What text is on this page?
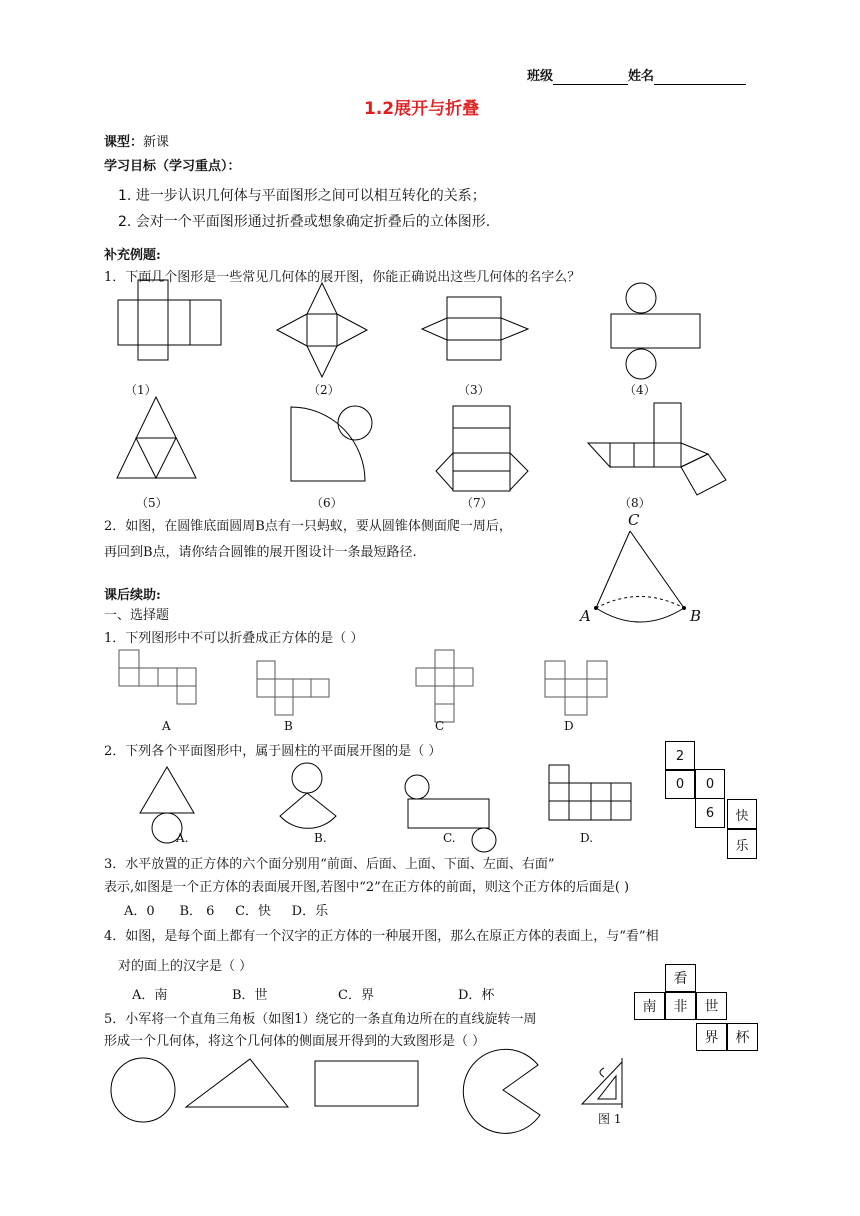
班级	姓名
1.2展开与折叠
课型：新课
学习目标（学习重点）：
1. 进一步认识几何体与平面图形之间可以相互转化的关系；
2. 会对一个平面图形通过折叠或想象确定折叠后的立体图形.
补充例题:
1．下面几个图形是一些常见几何体的展开图，你能正确说出这些几何体的名字么？
（1）	（2）	（3）	（4）
（5）	（6）	（7）	（8）
2．如图，在圆锥底面圆周B点有一只蚂蚁，要从圆锥体侧面爬一周后，
再回到B点，请你结合圆锥的展开图设计一条最短路径.
C
A	B
课后续助:
一、选择题
1．下列图形中不可以折叠成正方体的是（ ）
A	B	C	D
2．下列各个平面图形中，属于圆柱的平面展开图的是（ ）
A.	B.	C.	D.
2
0	0
6	快
乐
3．水平放置的正方体的六个面分别用“前面、后面、上面、下面、左面、右面”
表示,如图是一个正方体的表面展开图,若图中“2”在正方体的前面，则这个正方体的后面是( )
A．0      B． 6     C．快     D．乐
4．如图，是每个面上都有一个汉字的正方体的一种展开图，那么在原正方体的表面上，与“看”相
对的面上的汉字是（ ）
A．南	B．世	C．界	D．杯
看
南	非	世
界	杯
5．小军将一个直角三角板（如图1）绕它的一条直角边所在的直线旋转一周
形成一个几何体，将这个几何体的侧面展开得到的大致图形是（ ）
图 1
